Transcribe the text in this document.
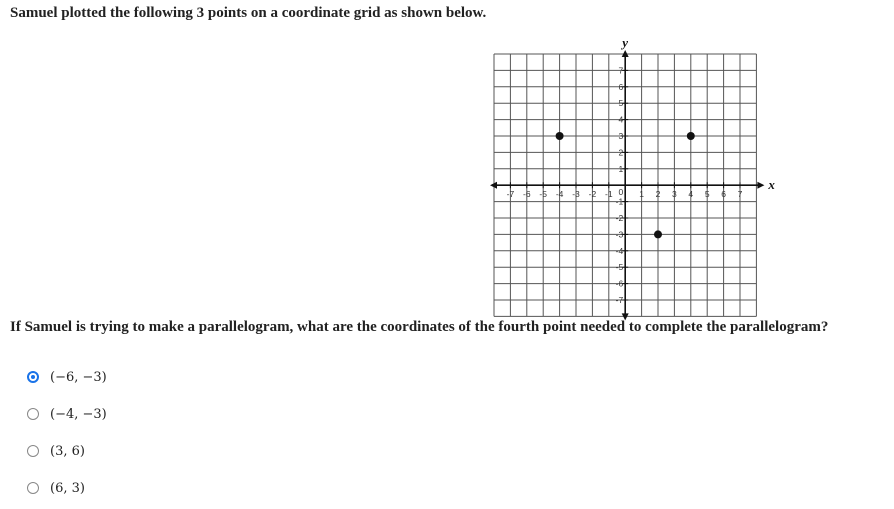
Samuel plotted the following 3 points on a coordinate grid as shown below.
-7
-7
-6
-6
-5
-5
-4
-4
-3
-3
-2
-2
-1
-1
1
1
2
2
3
3
4
4
5
5
6
6
7
7
0	x
y
If Samuel is trying to make a parallelogram, what are the coordinates of the fourth point needed to complete the parallelogram?
(−6, −3)
(−4, −3)
(3, 6)
(6, 3)
